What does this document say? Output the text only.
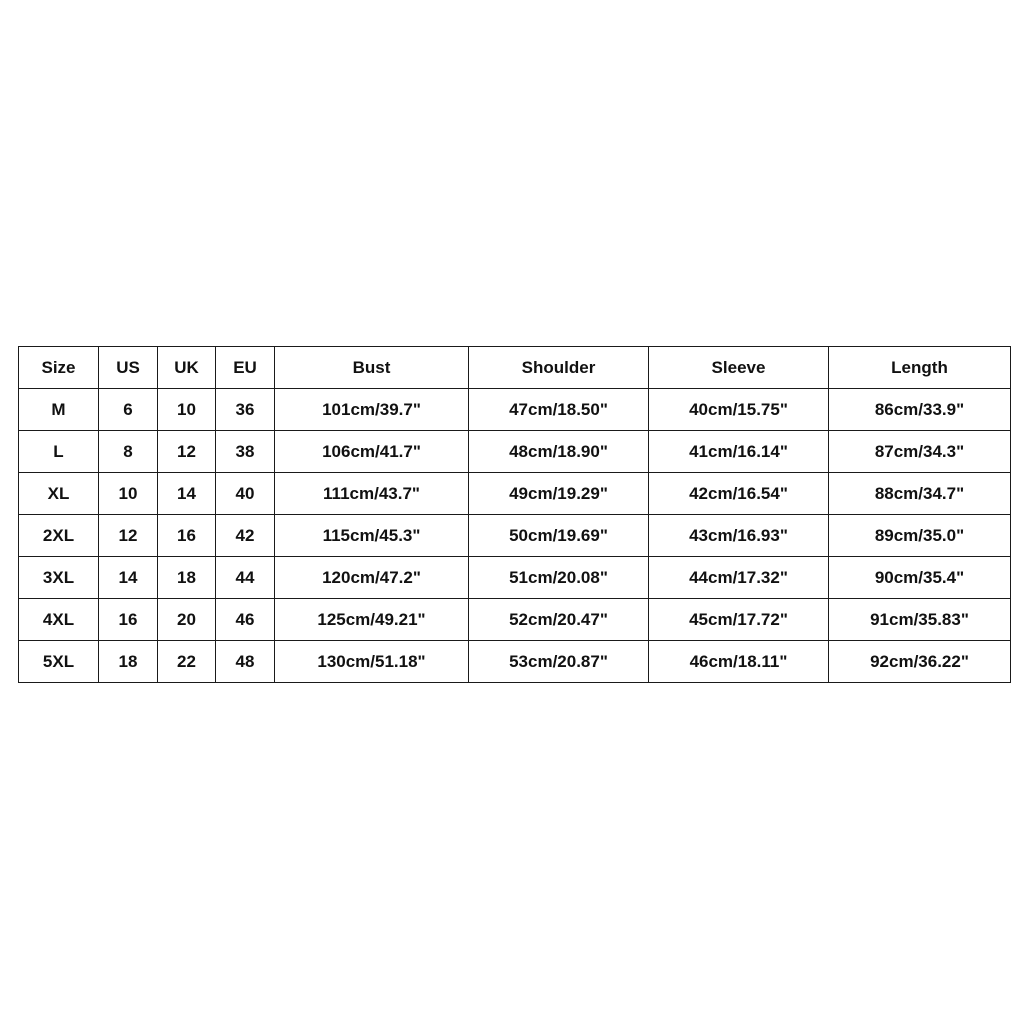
Size	US	UK	EU	Bust	Shoulder	Sleeve	Length
M	6	10	36	101cm/39.7"	47cm/18.50"	40cm/15.75"	86cm/33.9"
L	8	12	38	106cm/41.7"	48cm/18.90"	41cm/16.14"	87cm/34.3"
XL	10	14	40	111cm/43.7"	49cm/19.29"	42cm/16.54"	88cm/34.7"
2XL	12	16	42	115cm/45.3"	50cm/19.69"	43cm/16.93"	89cm/35.0"
3XL	14	18	44	120cm/47.2"	51cm/20.08"	44cm/17.32"	90cm/35.4"
4XL	16	20	46	125cm/49.21"	52cm/20.47"	45cm/17.72"	91cm/35.83"
5XL	18	22	48	130cm/51.18"	53cm/20.87"	46cm/18.11"	92cm/36.22"
